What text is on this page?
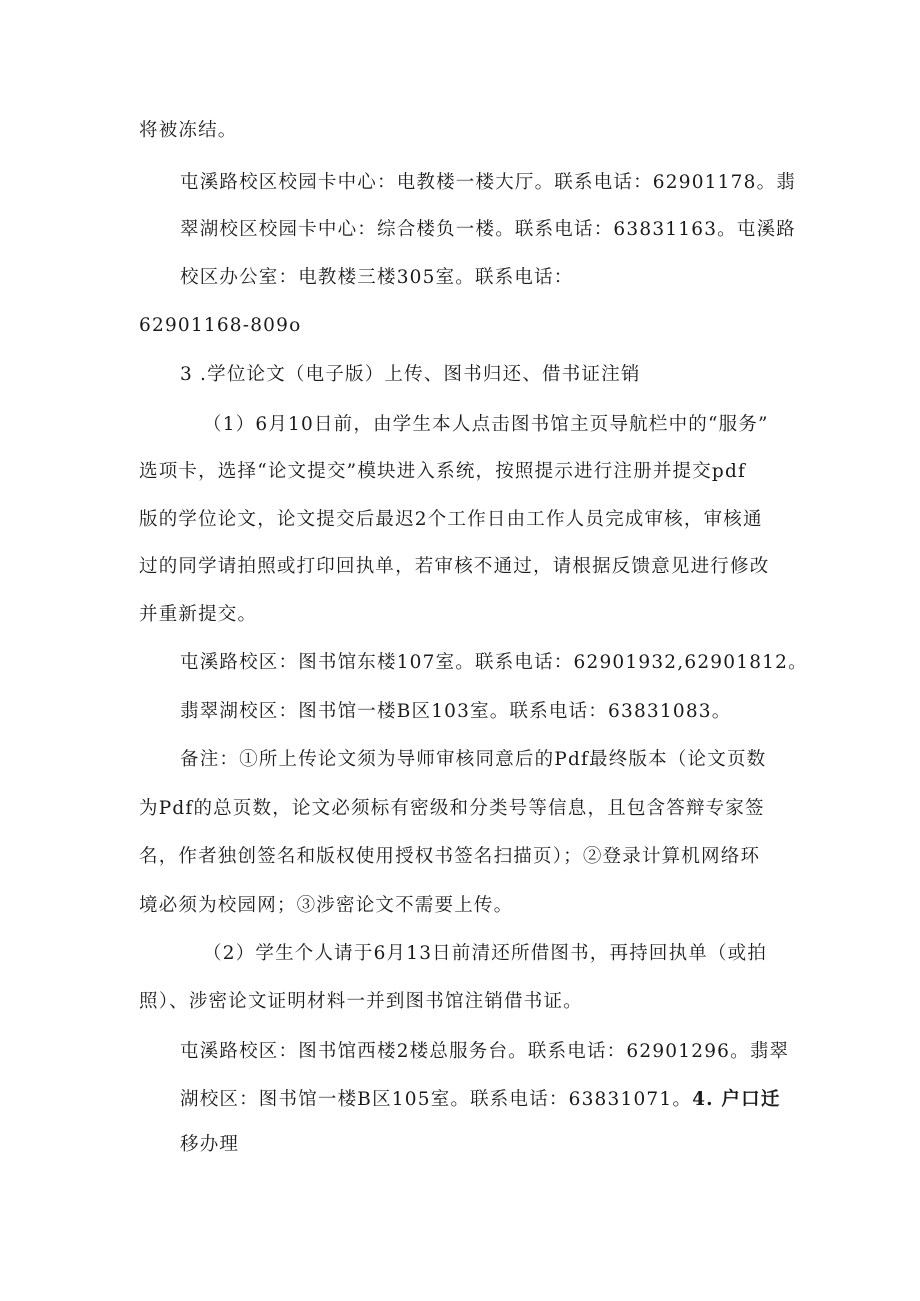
将被冻结。
屯溪路校区校园卡中心：电教楼一楼大厅。联系电话：62901178。翡
翠湖校区校园卡中心：综合楼负一楼。联系电话：63831163。屯溪路
校区办公室：电教楼三楼305室。联系电话：
62901168-809o
3 .学位论文（电子版）上传、图书归还、借书证注销
（1）6月10日前，由学生本人点击图书馆主页导航栏中的“服务”
选项卡，选择“论文提交”模块进入系统，按照提示进行注册并提交pdf
版的学位论文，论文提交后最迟2个工作日由工作人员完成审核，审核通
过的同学请拍照或打印回执单，若审核不通过，请根据反馈意见进行修改
并重新提交。
屯溪路校区：图书馆东楼107室。联系电话：62901932,62901812。
翡翠湖校区：图书馆一楼B区103室。联系电话：63831083。
备注：①所上传论文须为导师审核同意后的Pdf最终版本（论文页数
为Pdf的总页数，论文必须标有密级和分类号等信息，且包含答辩专家签
名，作者独创签名和版权使用授权书签名扫描页）；②登录计算机网络环
境必须为校园网；③涉密论文不需要上传。
（2）学生个人请于6月13日前清还所借图书，再持回执单（或拍
照）、涉密论文证明材料一并到图书馆注销借书证。
屯溪路校区：图书馆西楼2楼总服务台。联系电话：62901296。翡翠
湖校区：图书馆一楼B区105室。联系电话：63831071。4. 户口迁
移办理
